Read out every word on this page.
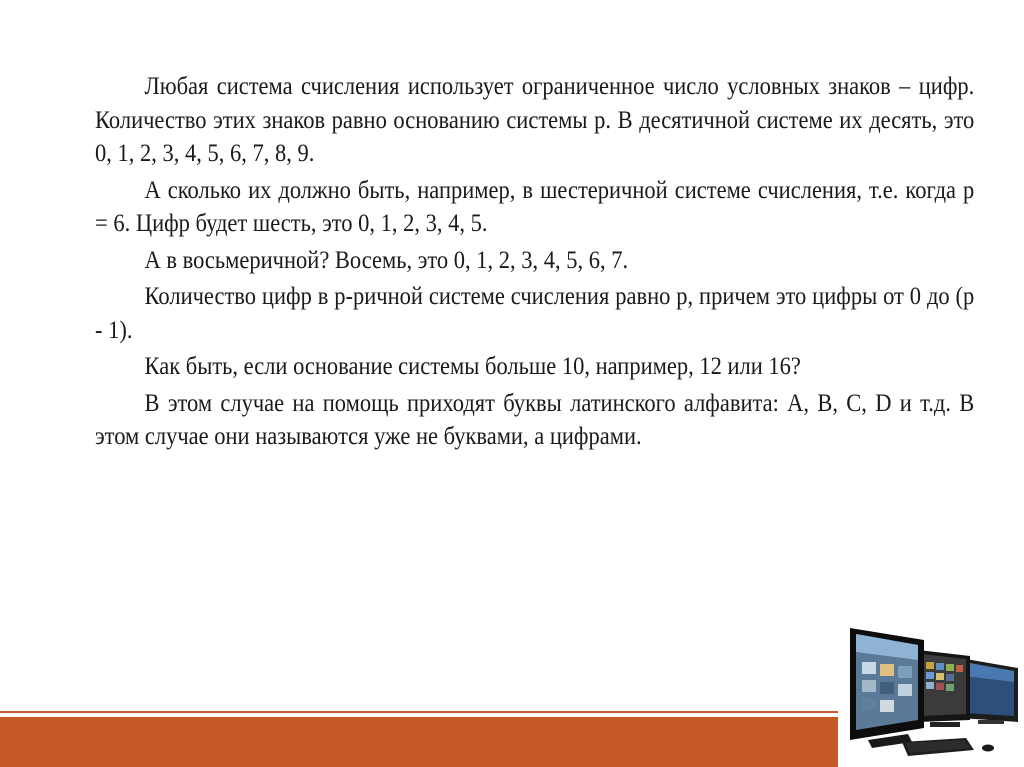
Любая система счисления использует ограниченное число условных знаков – цифр. Количество этих знаков равно основанию системы р. В десятичной системе их десять, это 0, 1, 2, 3, 4, 5, 6, 7, 8, 9.

А сколько их должно быть, например, в шестеричной системе счисления, т.е. когда р = 6. Цифр будет шесть, это 0, 1, 2, 3, 4, 5.

А в восьмеричной? Восемь, это 0, 1, 2, 3, 4, 5, 6, 7.

Количество цифр в р-ричной системе счисления равно р, причем это цифры от 0 до (р - 1).

Как быть, если основание системы больше 10, например, 12 или 16?

В этом случае на помощь приходят буквы латинского алфавита: А, В, С, D и т.д. В этом случае они называются уже не буквами, а цифрами.
